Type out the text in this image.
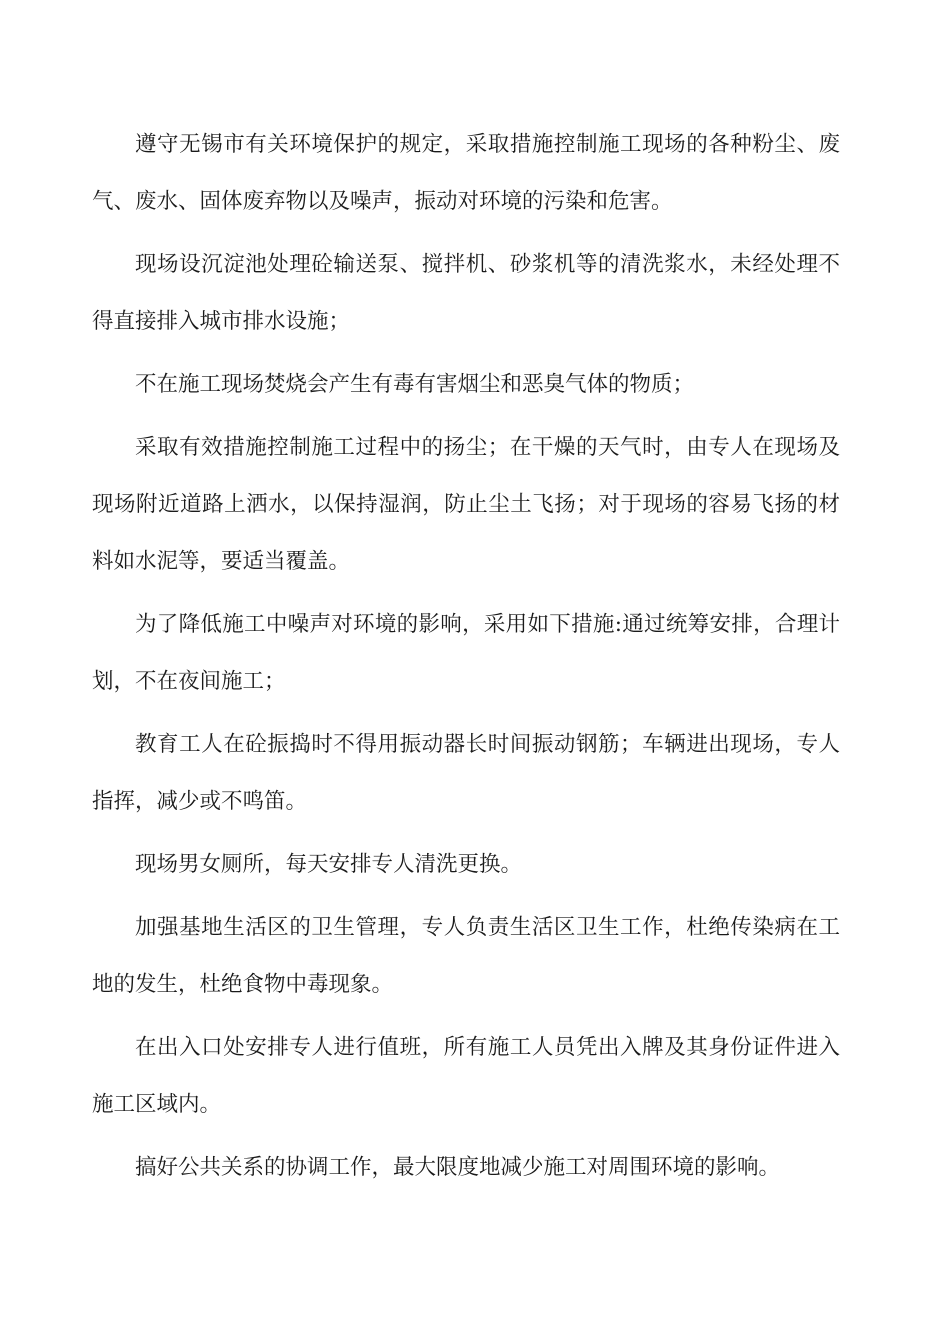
遵守无锡市有关环境保护的规定，采取措施控制施工现场的各种粉尘、废气、废水、固体废弃物以及噪声，振动对环境的污染和危害。

现场设沉淀池处理砼输送泵、搅拌机、砂浆机等的清洗浆水，未经处理不得直接排入城市排水设施；

不在施工现场焚烧会产生有毒有害烟尘和恶臭气体的物质；

采取有效措施控制施工过程中的扬尘；在干燥的天气时，由专人在现场及现场附近道路上洒水，以保持湿润，防止尘土飞扬；对于现场的容易飞扬的材料如水泥等，要适当覆盖。

为了降低施工中噪声对环境的影响，采用如下措施:通过统筹安排，合理计划，不在夜间施工；

教育工人在砼振捣时不得用振动器长时间振动钢筋；车辆进出现场，专人指挥，减少或不鸣笛。

现场男女厕所，每天安排专人清洗更换。

加强基地生活区的卫生管理，专人负责生活区卫生工作，杜绝传染病在工地的发生，杜绝食物中毒现象。

在出入口处安排专人进行值班，所有施工人员凭出入牌及其身份证件进入施工区域内。

搞好公共关系的协调工作，最大限度地减少施工对周围环境的影响。
